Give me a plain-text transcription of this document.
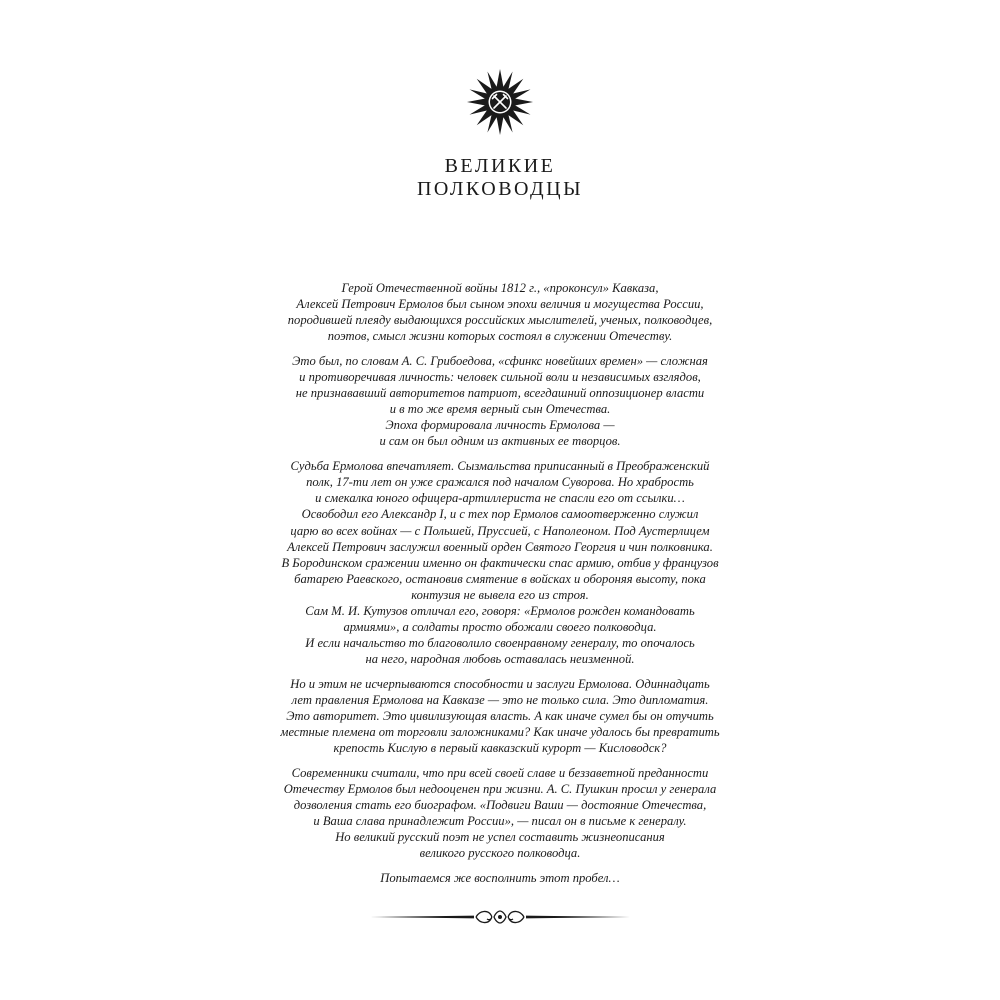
ВЕЛИКИЕ
ПОЛКОВОДЦЫ

Герой Отечественной войны 1812 г., «проконсул» Кавказа,
Алексей Петрович Ермолов был сыном эпохи величия и могущества России,
породившей плеяду выдающихся российских мыслителей, ученых, полководцев,
поэтов, смысл жизни которых состоял в служении Отечеству.

Это был, по словам А. С. Грибоедова, «сфинкс новейших времен» — сложная
и противоречивая личность: человек сильной воли и независимых взглядов,
не признававший авторитетов патриот, всегдашний оппозиционер власти
и в то же время верный сын Отечества.
Эпоха формировала личность Ермолова —
и сам он был одним из активных ее творцов.

Судьба Ермолова впечатляет. Сызмальства приписанный в Преображенский
полк, 17-ти лет он уже сражался под началом Суворова. Но храбрость
и смекалка юного офицера-артиллериста не спасли его от ссылки…
Освободил его Александр I, и с тех пор Ермолов самоотверженно служил
царю во всех войнах — с Польшей, Пруссией, с Наполеоном. Под Аустерлицем
Алексей Петрович заслужил военный орден Святого Георгия и чин полковника.
В Бородинском сражении именно он фактически спас армию, отбив у французов
батарею Раевского, остановив смятение в войсках и обороняя высоту, пока
контузия не вывела его из строя.
Сам М. И. Кутузов отличал его, говоря: «Ермолов рожден командовать
армиями», а солдаты просто обожали своего полководца.
И если начальство то благоволило своенравному генералу, то опочалось
на него, народная любовь оставалась неизменной.

Но и этим не исчерпываются способности и заслуги Ермолова. Одиннадцать
лет правления Ермолова на Кавказе — это не только сила. Это дипломатия.
Это авторитет. Это цивилизующая власть. А как иначе сумел бы он отучить
местные племена от торговли заложниками? Как иначе удалось бы превратить
крепость Кислую в первый кавказский курорт — Кисловодск?

Современники считали, что при всей своей славе и беззаветной преданности
Отечеству Ермолов был недооценен при жизни. А. С. Пушкин просил у генерала
дозволения стать его биографом. «Подвиги Ваши — достояние Отечества,
и Ваша слава принадлежит России», — писал он в письме к генералу.
Но великий русский поэт не успел составить жизнеописания
великого русского полководца.

Попытаемся же восполнить этот пробел…
